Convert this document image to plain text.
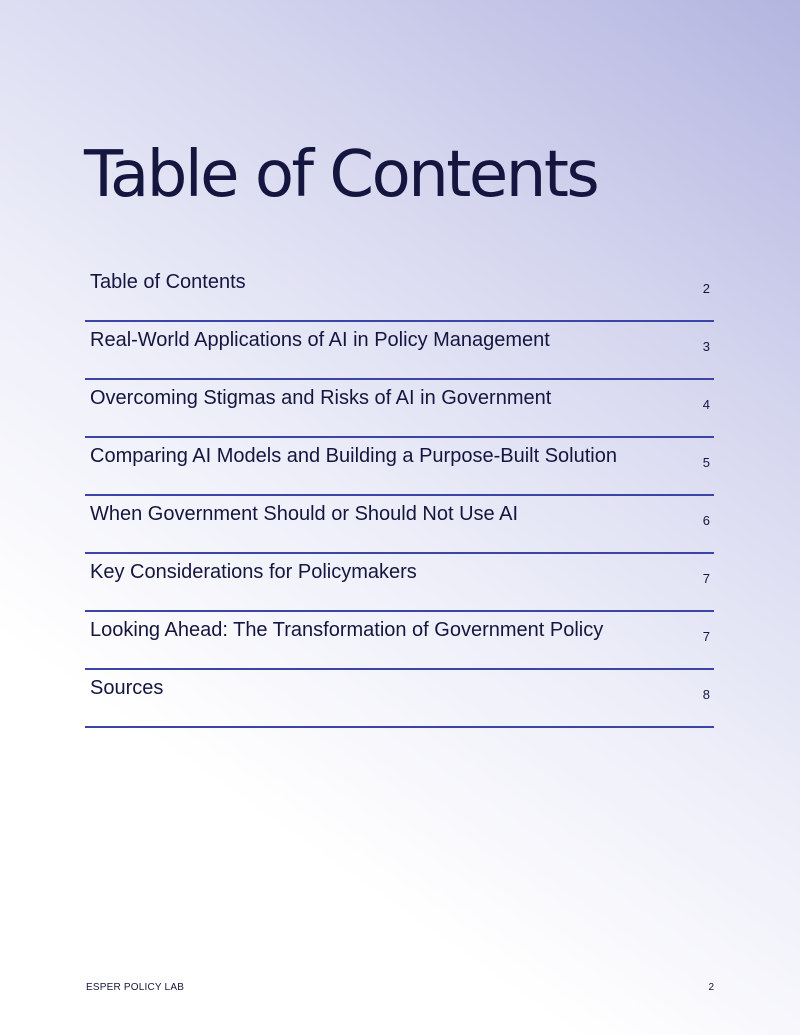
Table of Contents
Table of Contents	2
Real-World Applications of AI in Policy Management	3
Overcoming Stigmas and Risks of AI in Government	4
Comparing AI Models and Building a Purpose-Built Solution	5
When Government Should or Should Not Use AI	6
Key Considerations for Policymakers	7
Looking Ahead: The Transformation of Government Policy	7
Sources	8
ESPER POLICY LAB	2
